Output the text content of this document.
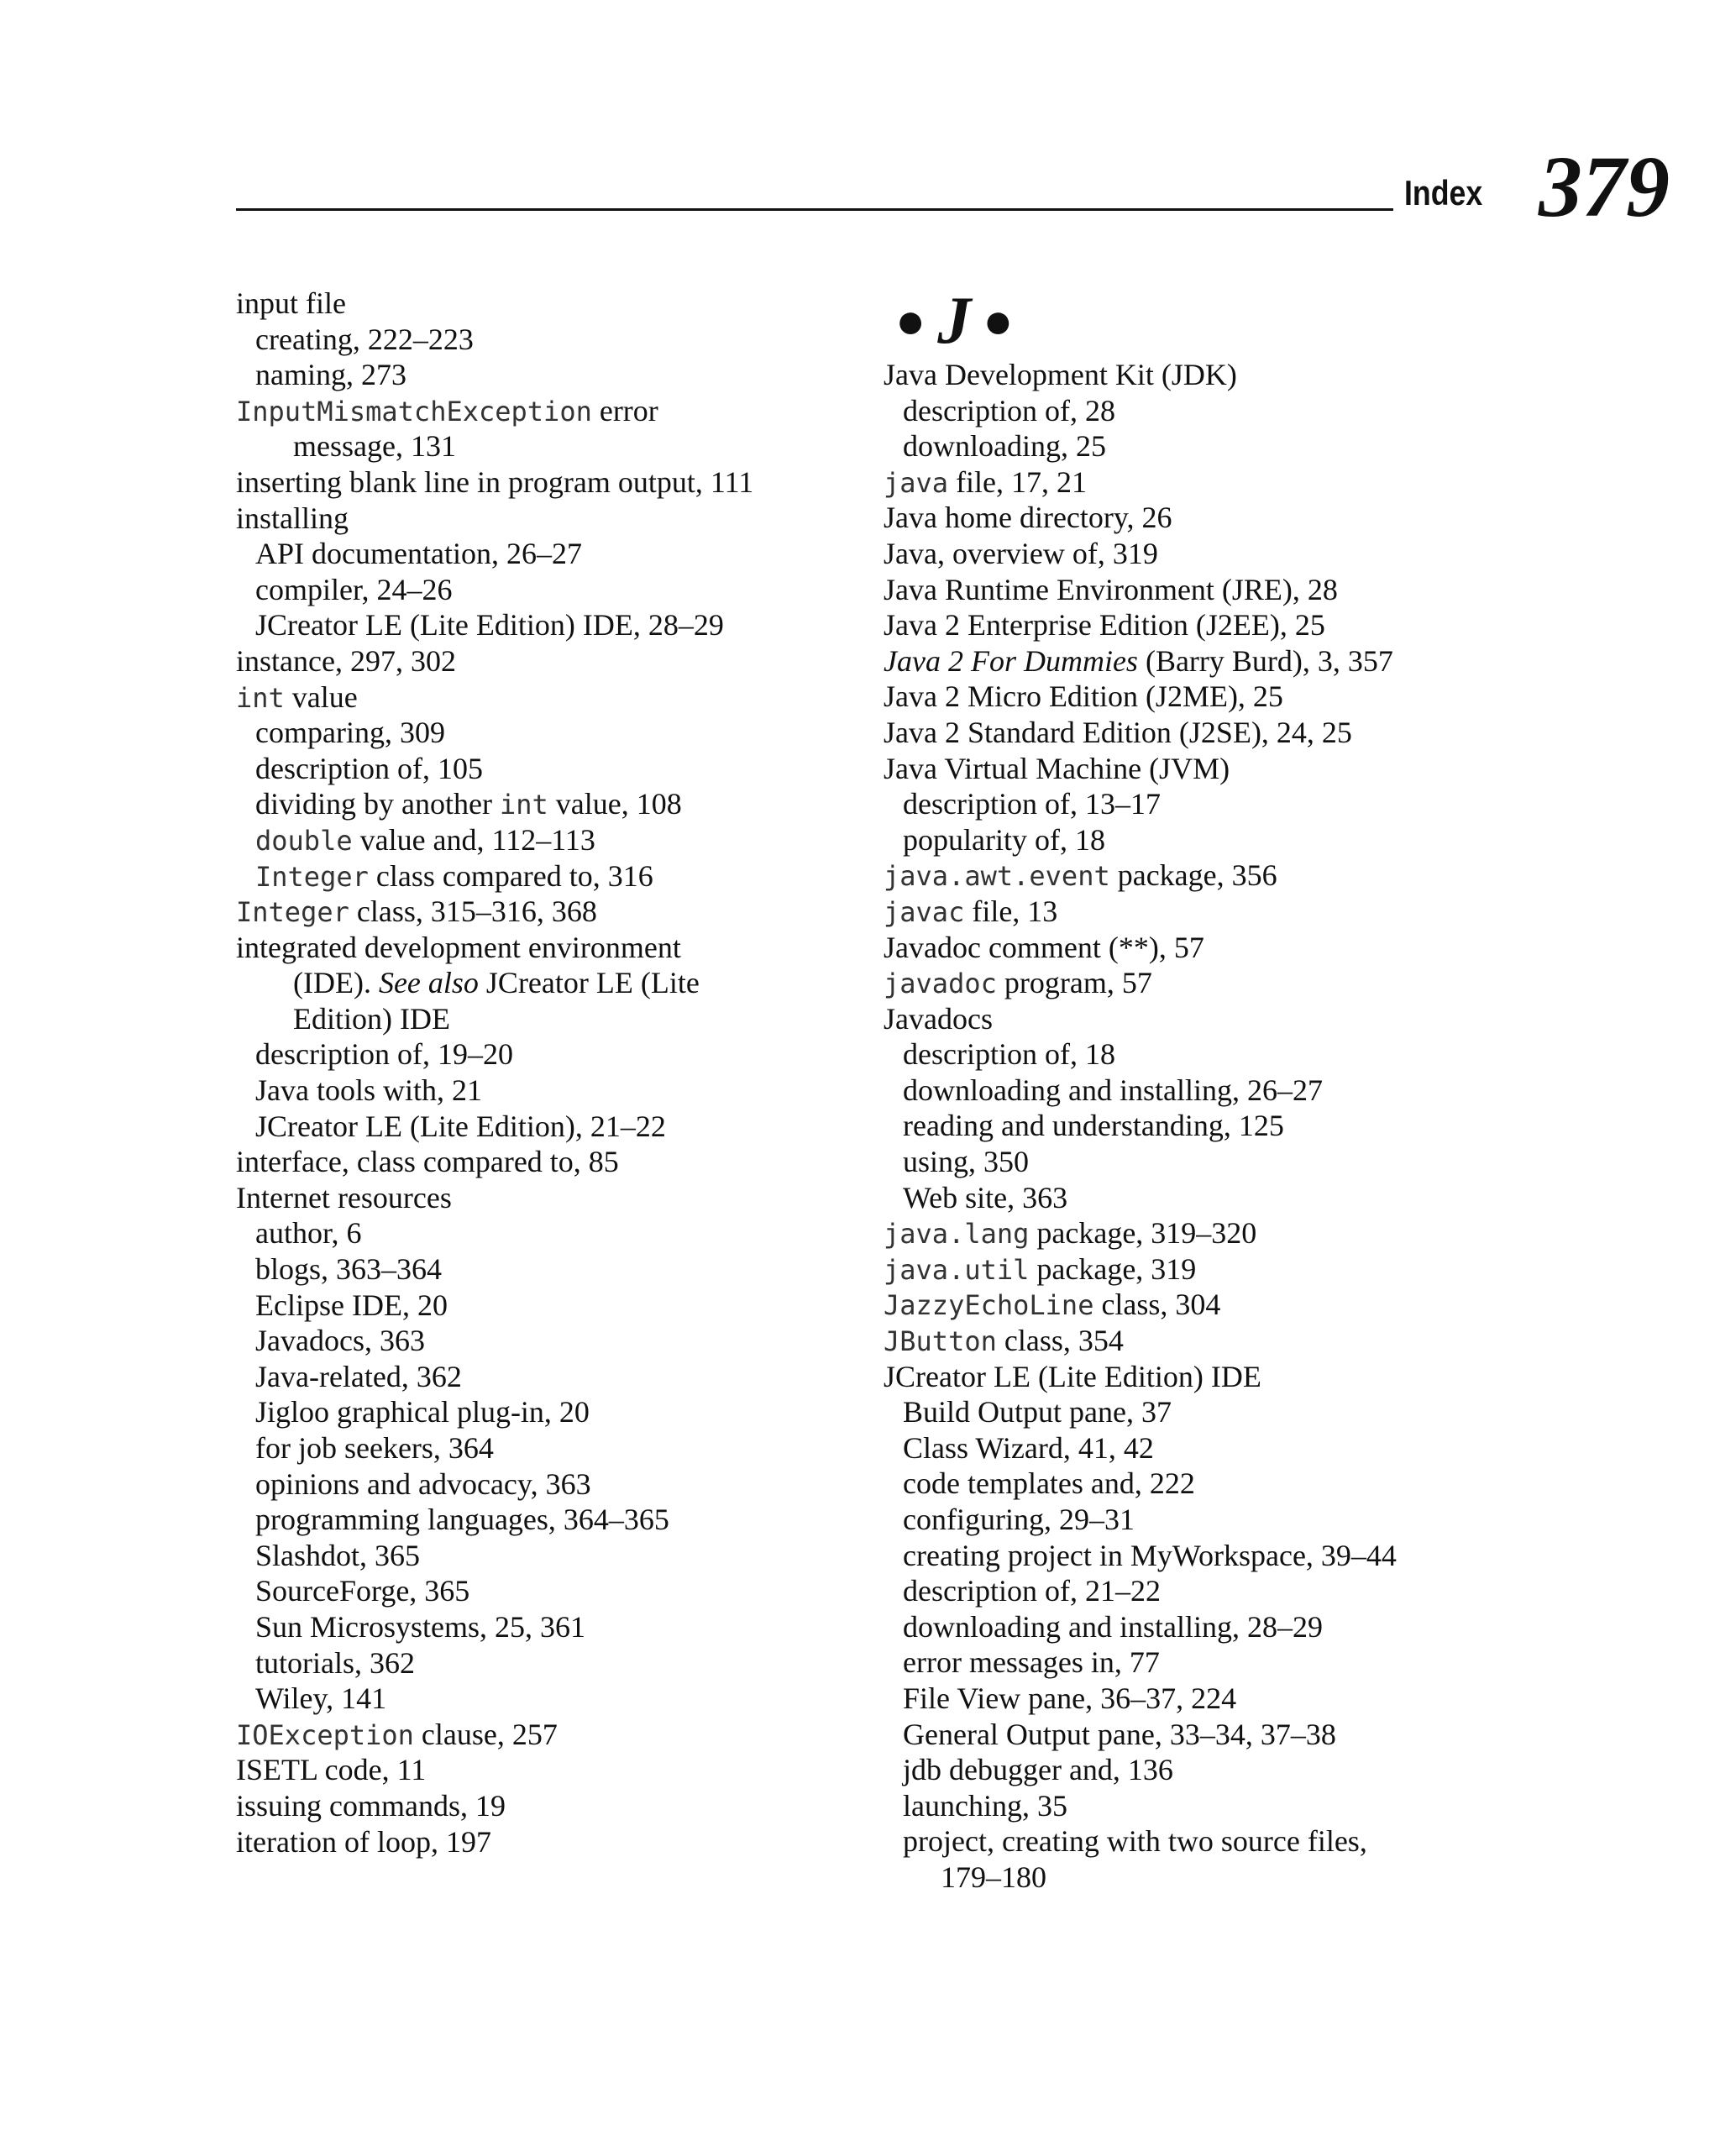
Index 379
input file
creating, 222–223
naming, 273
InputMismatchException error
message, 131
inserting blank line in program output, 111
installing
API documentation, 26–27
compiler, 24–26
JCreator LE (Lite Edition) IDE, 28–29
instance, 297, 302
int value
comparing, 309
description of, 105
dividing by another int value, 108
double value and, 112–113
Integer class compared to, 316
Integer class, 315–316, 368
integrated development environment
(IDE). See also JCreator LE (Lite
Edition) IDE
description of, 19–20
Java tools with, 21
JCreator LE (Lite Edition), 21–22
interface, class compared to, 85
Internet resources
author, 6
blogs, 363–364
Eclipse IDE, 20
Javadocs, 363
Java-related, 362
Jigloo graphical plug-in, 20
for job seekers, 364
opinions and advocacy, 363
programming languages, 364–365
Slashdot, 365
SourceForge, 365
Sun Microsystems, 25, 361
tutorials, 362
Wiley, 141
IOException clause, 257
ISETL code, 11
issuing commands, 19
iteration of loop, 197
● J ●
Java Development Kit (JDK)
description of, 28
downloading, 25
java file, 17, 21
Java home directory, 26
Java, overview of, 319
Java Runtime Environment (JRE), 28
Java 2 Enterprise Edition (J2EE), 25
Java 2 For Dummies (Barry Burd), 3, 357
Java 2 Micro Edition (J2ME), 25
Java 2 Standard Edition (J2SE), 24, 25
Java Virtual Machine (JVM)
description of, 13–17
popularity of, 18
java.awt.event package, 356
javac file, 13
Javadoc comment (**), 57
javadoc program, 57
Javadocs
description of, 18
downloading and installing, 26–27
reading and understanding, 125
using, 350
Web site, 363
java.lang package, 319–320
java.util package, 319
JazzyEchoLine class, 304
JButton class, 354
JCreator LE (Lite Edition) IDE
Build Output pane, 37
Class Wizard, 41, 42
code templates and, 222
configuring, 29–31
creating project in MyWorkspace, 39–44
description of, 21–22
downloading and installing, 28–29
error messages in, 77
File View pane, 36–37, 224
General Output pane, 33–34, 37–38
jdb debugger and, 136
launching, 35
project, creating with two source files,
179–180
